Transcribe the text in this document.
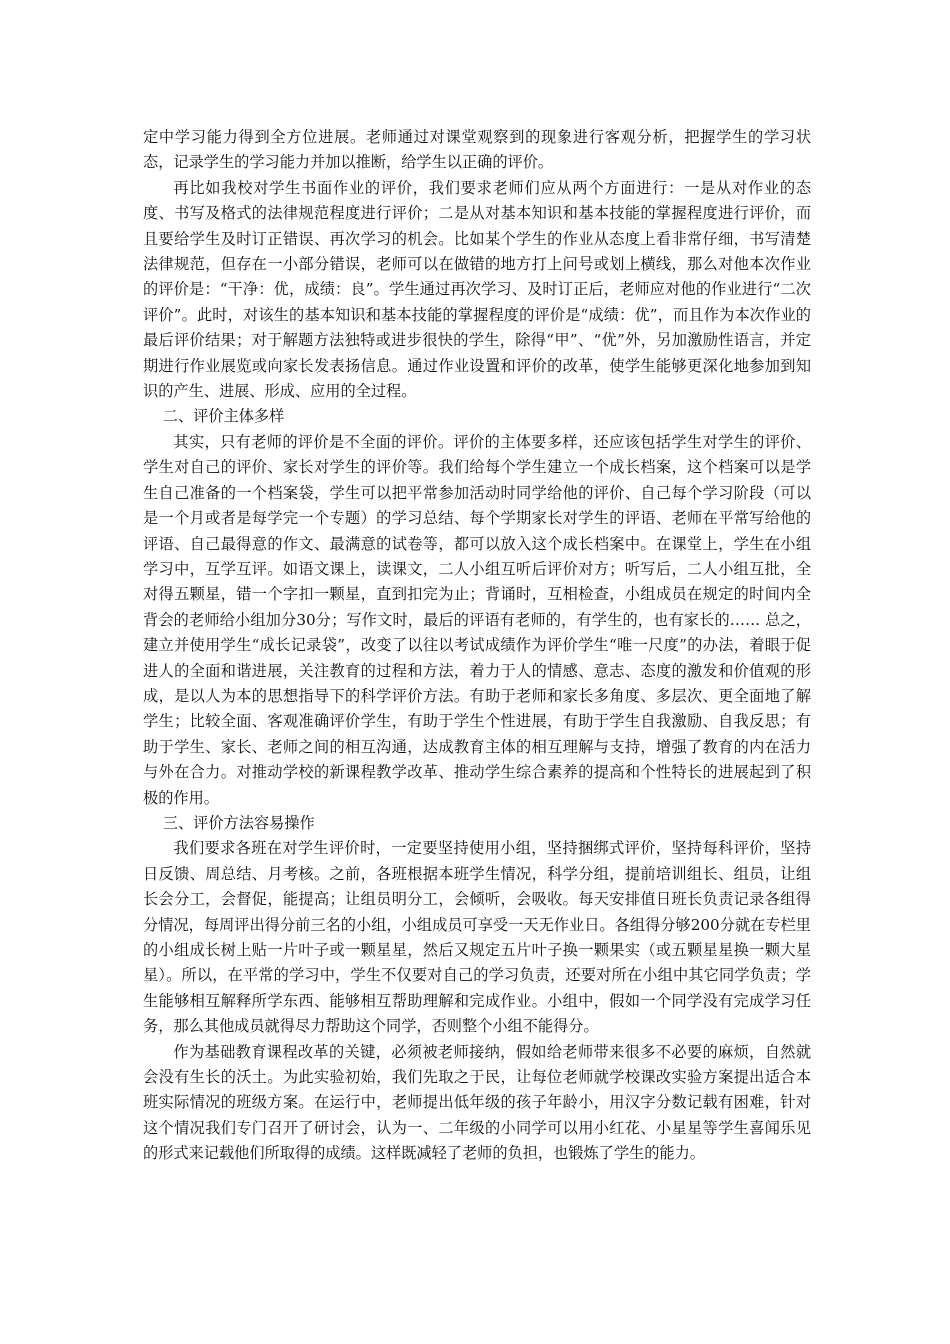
定中学习能力得到全方位进展。老师通过对课堂观察到的现象进行客观分析，把握学生的学习状态，记录学生的学习能力并加以推断，给学生以正确的评价。

再比如我校对学生书面作业的评价，我们要求老师们应从两个方面进行：一是从对作业的态度、书写及格式的法律规范程度进行评价；二是从对基本知识和基本技能的掌握程度进行评价，而且要给学生及时订正错误、再次学习的机会。比如某个学生的作业从态度上看非常仔细，书写清楚法律规范，但存在一小部分错误，老师可以在做错的地方打上问号或划上横线，那么对他本次作业的评价是：“干净：优，成绩：良”。学生通过再次学习、及时订正后，老师应对他的作业进行“二次评价”。此时，对该生的基本知识和基本技能的掌握程度的评价是“成绩：优”，而且作为本次作业的最后评价结果；对于解题方法独特或进步很快的学生，除得“甲”、“优”外，另加激励性语言，并定期进行作业展览或向家长发表扬信息。通过作业设置和评价的改革，使学生能够更深化地参加到知识的产生、进展、形成、应用的全过程。

二、评价主体多样

其实，只有老师的评价是不全面的评价。评价的主体要多样，还应该包括学生对学生的评价、学生对自己的评价、家长对学生的评价等。我们给每个学生建立一个成长档案，这个档案可以是学生自己准备的一个档案袋，学生可以把平常参加活动时同学给他的评价、自己每个学习阶段（可以是一个月或者是每学完一个专题）的学习总结、每个学期家长对学生的评语、老师在平常写给他的评语、自己最得意的作文、最满意的试卷等，都可以放入这个成长档案中。在课堂上，学生在小组学习中，互学互评。如语文课上，读课文，二人小组互听后评价对方；听写后，二人小组互批，全对得五颗星，错一个字扣一颗星，直到扣完为止；背诵时，互相检查，小组成员在规定的时间内全背会的老师给小组加分30分；写作文时，最后的评语有老师的，有学生的，也有家长的…… 总之，建立并使用学生“成长记录袋”，改变了以往以考试成绩作为评价学生“唯一尺度”的办法，着眼于促进人的全面和谐进展，关注教育的过程和方法，着力于人的情感、意志、态度的激发和价值观的形成，是以人为本的思想指导下的科学评价方法。有助于老师和家长多角度、多层次、更全面地了解学生；比较全面、客观准确评价学生，有助于学生个性进展，有助于学生自我激励、自我反思；有助于学生、家长、老师之间的相互沟通，达成教育主体的相互理解与支持，增强了教育的内在活力与外在合力。对推动学校的新课程教学改革、推动学生综合素养的提高和个性特长的进展起到了积极的作用。

三、评价方法容易操作

我们要求各班在对学生评价时，一定要坚持使用小组，坚持捆绑式评价，坚持每科评价，坚持日反馈、周总结、月考核。之前，各班根据本班学生情况，科学分组，提前培训组长、组员，让组长会分工，会督促，能提高；让组员明分工，会倾听，会吸收。每天安排值日班长负责记录各组得分情况，每周评出得分前三名的小组，小组成员可享受一天无作业日。各组得分够200分就在专栏里的小组成长树上贴一片叶子或一颗星星，然后又规定五片叶子换一颗果实（或五颗星星换一颗大星星）。所以，在平常的学习中，学生不仅要对自己的学习负责，还要对所在小组中其它同学负责；学生能够相互解释所学东西、能够相互帮助理解和完成作业。小组中，假如一个同学没有完成学习任务，那么其他成员就得尽力帮助这个同学，否则整个小组不能得分。

作为基础教育课程改革的关键，必须被老师接纳，假如给老师带来很多不必要的麻烦，自然就会没有生长的沃土。为此实验初始，我们先取之于民，让每位老师就学校课改实验方案提出适合本班实际情况的班级方案。在运行中，老师提出低年级的孩子年龄小，用汉字分数记载有困难，针对这个情况我们专门召开了研讨会，认为一、二年级的小同学可以用小红花、小星星等学生喜闻乐见的形式来记载他们所取得的成绩。这样既减轻了老师的负担，也锻炼了学生的能力。
